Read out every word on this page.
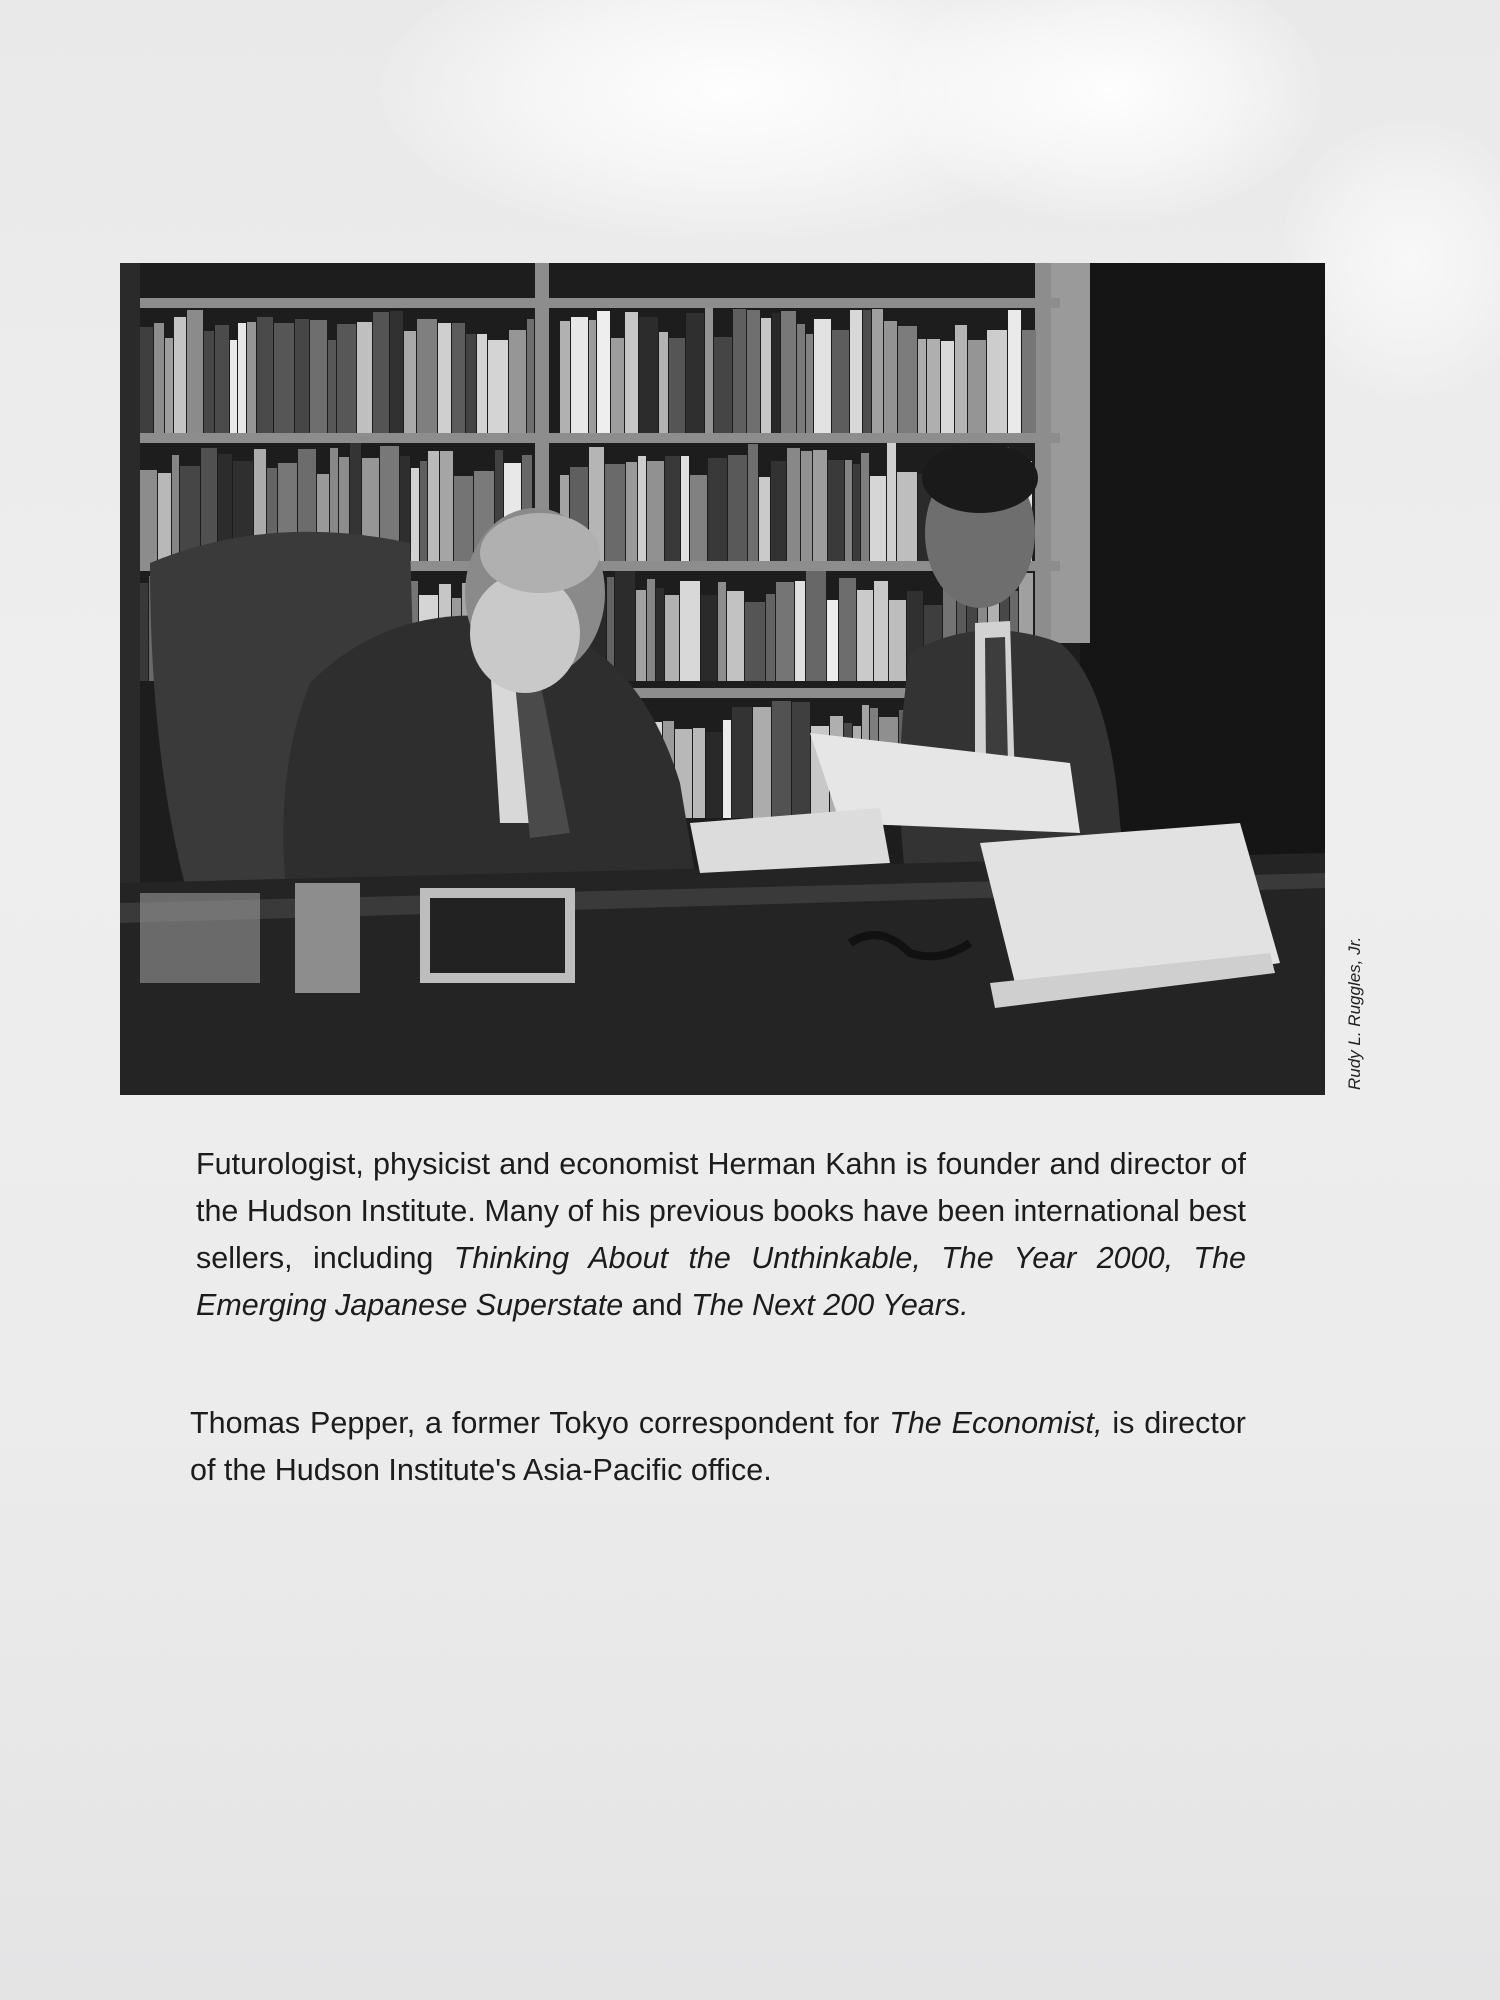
Rudy L. Ruggles, Jr.

Futurologist, physicist and economist Herman Kahn is founder and director of the Hudson Institute. Many of his previous books have been international best sellers, including Thinking About the Unthinkable, The Year 2000, The Emerging Japanese Superstate and The Next 200 Years.

Thomas Pepper, a former Tokyo correspondent for The Economist, is director of the Hudson Institute's Asia-Pacific office.
